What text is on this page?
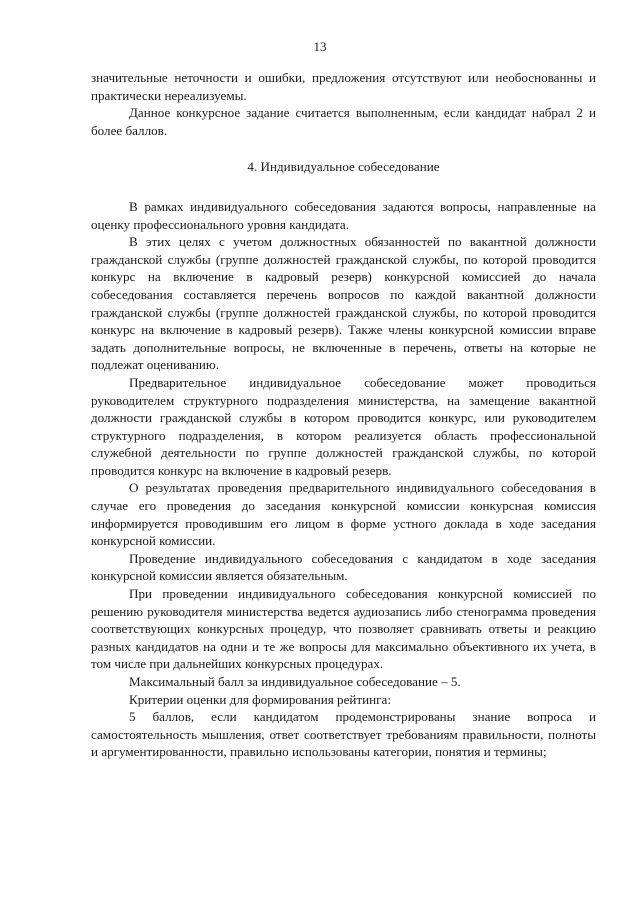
13

значительные неточности и ошибки, предложения отсутствуют или необоснованны и практически нереализуемы.

Данное конкурсное задание считается выполненным, если кандидат набрал 2 и более баллов.

4. Индивидуальное собеседование

В рамках индивидуального собеседования задаются вопросы, направленные на оценку профессионального уровня кандидата.

В этих целях с учетом должностных обязанностей по вакантной должности гражданской службы (группе должностей гражданской службы, по которой проводится конкурс на включение в кадровый резерв) конкурсной комиссией до начала собеседования составляется перечень вопросов по каждой вакантной должности гражданской службы (группе должностей гражданской службы, по которой проводится конкурс на включение в кадровый резерв). Также члены конкурсной комиссии вправе задать дополнительные вопросы, не включенные в перечень, ответы на которые не подлежат оцениванию.

Предварительное индивидуальное собеседование может проводиться руководителем структурного подразделения министерства, на замещение вакантной должности гражданской службы в котором проводится конкурс, или руководителем структурного подразделения, в котором реализуется область профессиональной служебной деятельности по группе должностей гражданской службы, по которой проводится конкурс на включение в кадровый резерв.

О результатах проведения предварительного индивидуального собеседования в случае его проведения до заседания конкурсной комиссии конкурсная комиссия информируется проводившим его лицом в форме устного доклада в ходе заседания конкурсной комиссии.

Проведение индивидуального собеседования с кандидатом в ходе заседания конкурсной комиссии является обязательным.

При проведении индивидуального собеседования конкурсной комиссией по решению руководителя министерства ведется аудиозапись либо стенограмма проведения соответствующих конкурсных процедур, что позволяет сравнивать ответы и реакцию разных кандидатов на одни и те же вопросы для максимально объективного их учета, в том числе при дальнейших конкурсных процедурах.

Максимальный балл за индивидуальное собеседование – 5.

Критерии оценки для формирования рейтинга:

5 баллов, если кандидатом продемонстрированы знание вопроса и самостоятельность мышления, ответ соответствует требованиям правильности, полноты и аргументированности, правильно использованы категории, понятия и термины;
